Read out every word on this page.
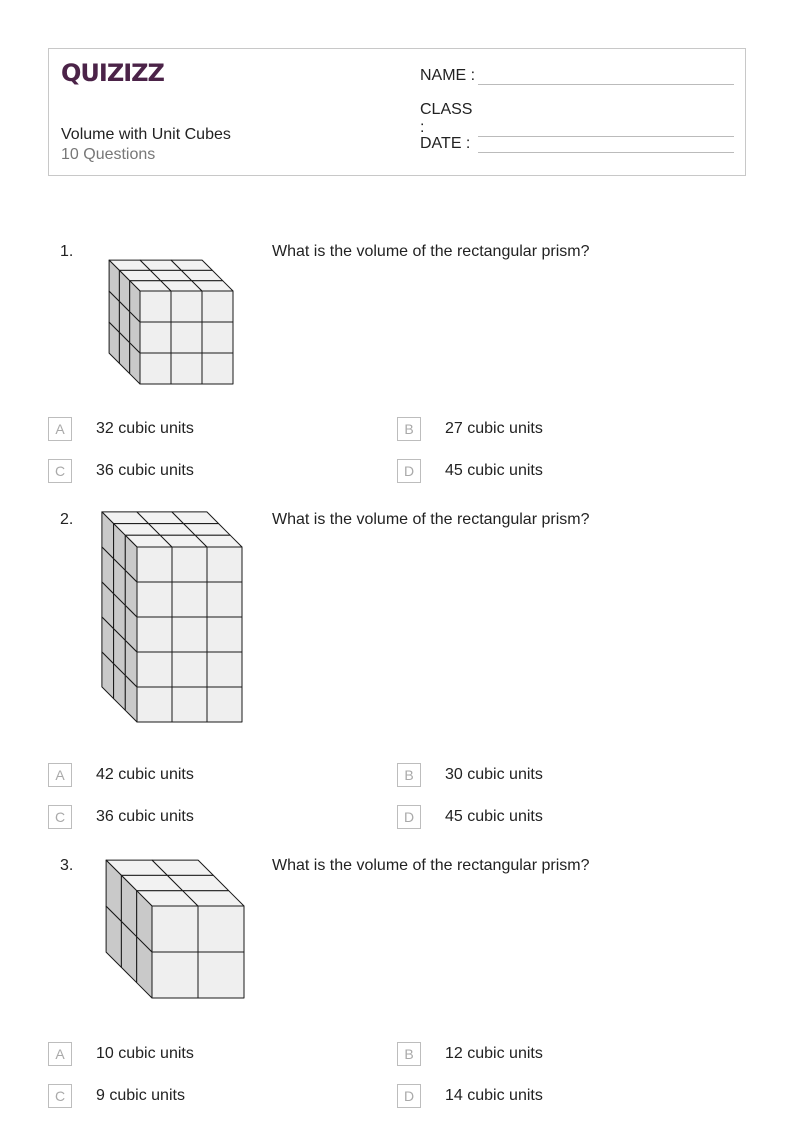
QUIZIZZ
Volume with Unit Cubes
10 Questions
NAME :
CLASS :
DATE :
1.	What is the volume of the rectangular prism?
A	32 cubic units	B	27 cubic units
C	36 cubic units	D	45 cubic units
2.	What is the volume of the rectangular prism?
A	42 cubic units	B	30 cubic units
C	36 cubic units	D	45 cubic units
3.	What is the volume of the rectangular prism?
A	10 cubic units	B	12 cubic units
C	9 cubic units	D	14 cubic units
